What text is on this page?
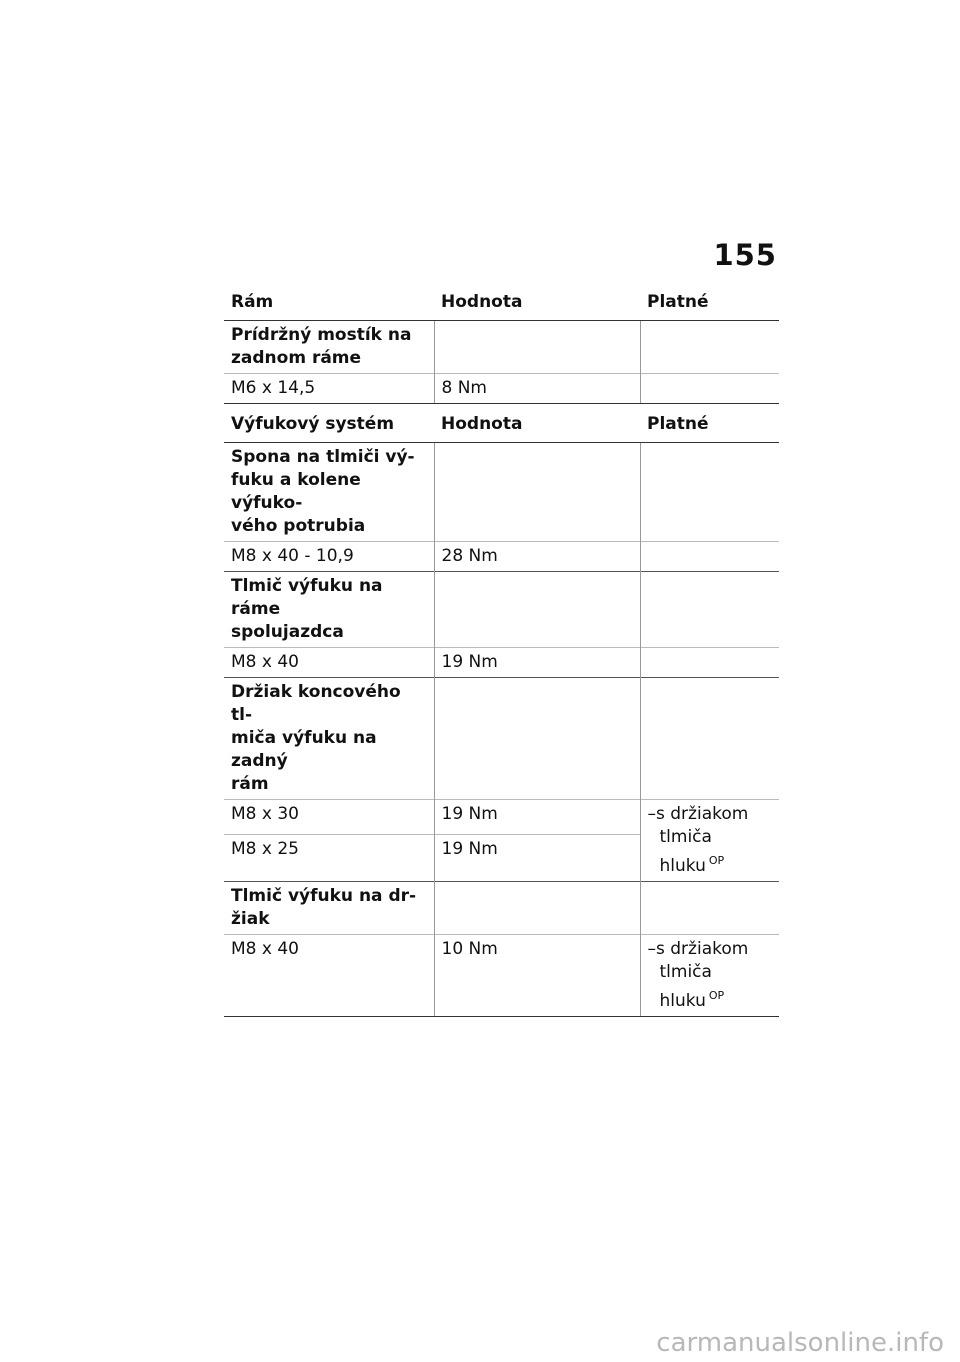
155
Rám	Hodnota	Platné
Prídržný mostík na
zadnom ráme		
M6 x 14,5	8 Nm	
Výfukový systém	Hodnota	Platné
Spona na tlmiči vý-
fuku a kolene výfuko-
vého potrubia		
M8 x 40 - 10,9	28 Nm	
Tlmič výfuku na ráme
spolujazdca		
M8 x 40	19 Nm	
Držiak koncového tl-
miča výfuku na zadný
rám		
M8 x 30	19 Nm	–s držiakom
tlmiča
hluku $^{OP}$

M8 x 25	19 Nm	
Tlmič výfuku na dr-
žiak		
M8 x 40	10 Nm	–s držiakom
tlmiča
hluku $^{OP}$
carmanualsonline.info
